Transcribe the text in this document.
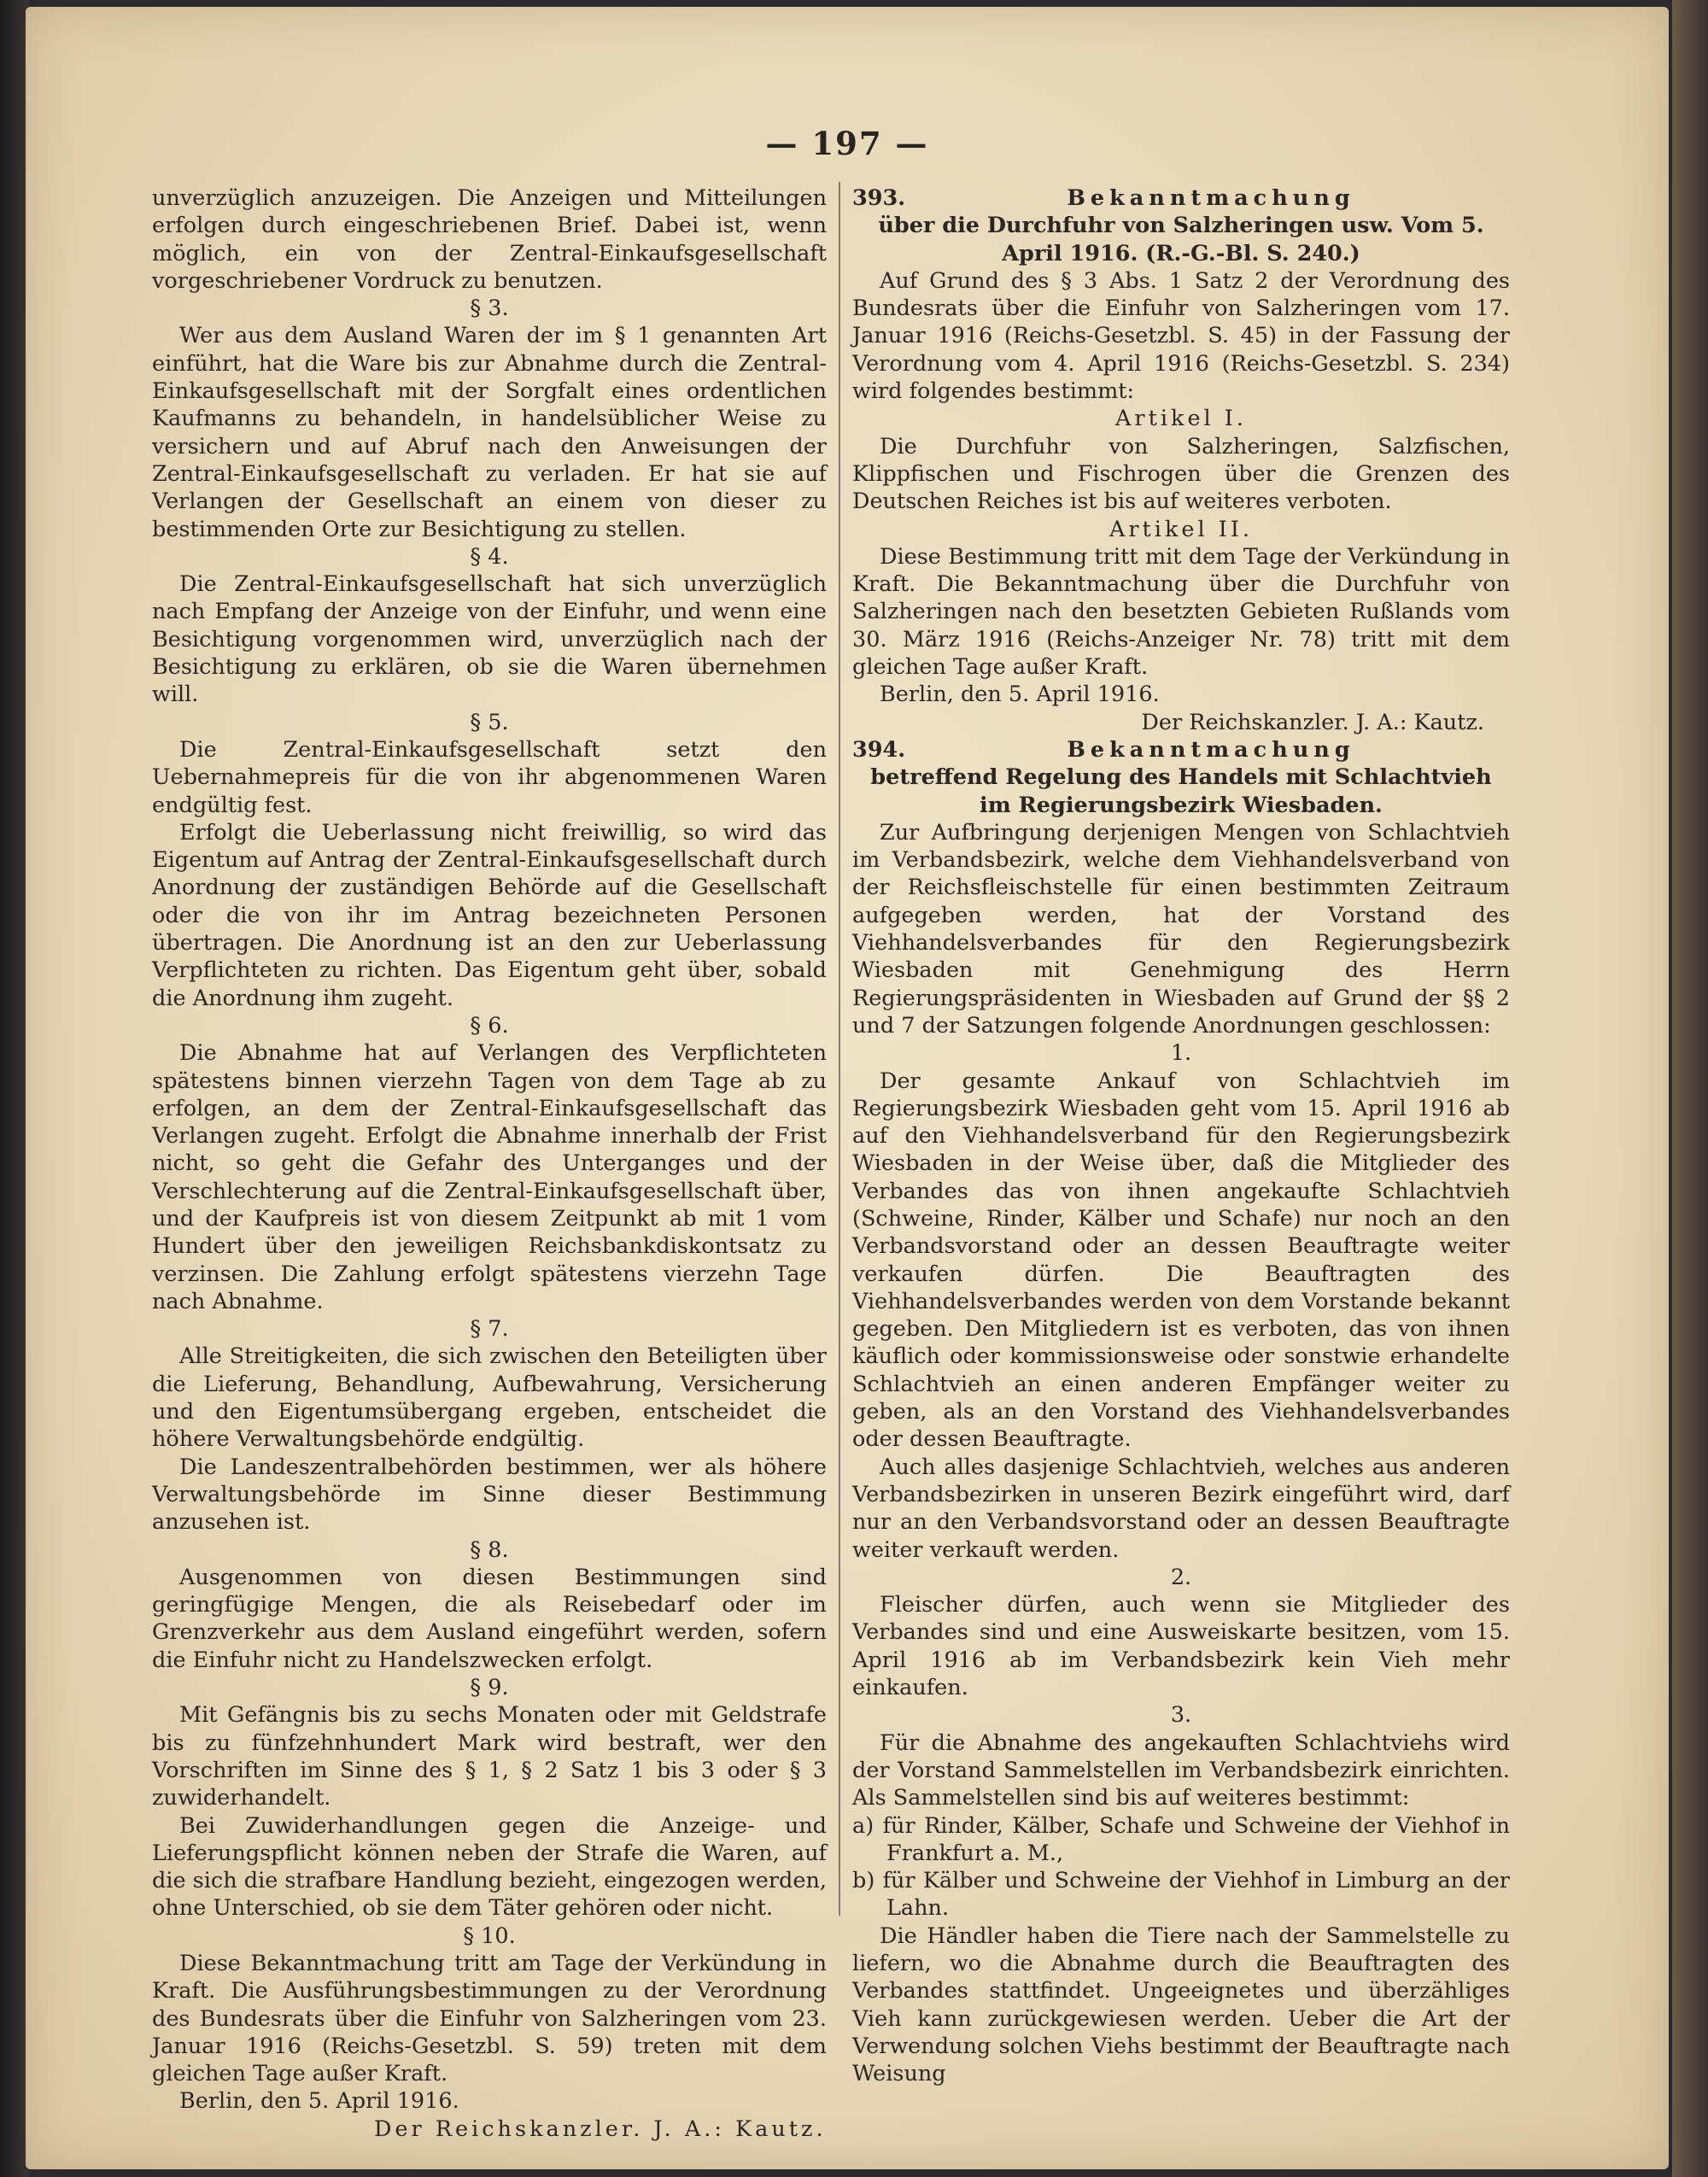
— 197 —

unverzüglich anzuzeigen. Die Anzeigen und Mitteilungen erfolgen durch eingeschriebenen Brief. Dabei ist, wenn möglich, ein von der Zentral-Einkaufsgesellschaft vorgeschriebener Vordruck zu benutzen.

§ 3.

Wer aus dem Ausland Waren der im § 1 genannten Art einführt, hat die Ware bis zur Abnahme durch die Zentral-Einkaufsgesellschaft mit der Sorgfalt eines ordentlichen Kaufmanns zu behandeln, in handelsüblicher Weise zu versichern und auf Abruf nach den Anweisungen der Zentral-Einkaufsgesellschaft zu verladen. Er hat sie auf Verlangen der Gesellschaft an einem von dieser zu bestimmenden Orte zur Besichtigung zu stellen.

§ 4.

Die Zentral-Einkaufsgesellschaft hat sich unverzüglich nach Empfang der Anzeige von der Einfuhr, und wenn eine Besichtigung vorgenommen wird, unverzüglich nach der Besichtigung zu erklären, ob sie die Waren übernehmen will.

§ 5.

Die Zentral-Einkaufsgesellschaft setzt den Uebernahmepreis für die von ihr abgenommenen Waren endgültig fest.

Erfolgt die Ueberlassung nicht freiwillig, so wird das Eigentum auf Antrag der Zentral-Einkaufsgesellschaft durch Anordnung der zuständigen Behörde auf die Gesellschaft oder die von ihr im Antrag bezeichneten Personen übertragen. Die Anordnung ist an den zur Ueberlassung Verpflichteten zu richten. Das Eigentum geht über, sobald die Anordnung ihm zugeht.

§ 6.

Die Abnahme hat auf Verlangen des Verpflichteten spätestens binnen vierzehn Tagen von dem Tage ab zu erfolgen, an dem der Zentral-Einkaufsgesellschaft das Verlangen zugeht. Erfolgt die Abnahme innerhalb der Frist nicht, so geht die Gefahr des Unterganges und der Verschlechterung auf die Zentral-Einkaufsgesellschaft über, und der Kaufpreis ist von diesem Zeitpunkt ab mit 1 vom Hundert über den jeweiligen Reichsbankdiskontsatz zu verzinsen. Die Zahlung erfolgt spätestens vierzehn Tage nach Abnahme.

§ 7.

Alle Streitigkeiten, die sich zwischen den Beteiligten über die Lieferung, Behandlung, Aufbewahrung, Versicherung und den Eigentumsübergang ergeben, entscheidet die höhere Verwaltungsbehörde endgültig.

Die Landeszentralbehörden bestimmen, wer als höhere Verwaltungsbehörde im Sinne dieser Bestimmung anzusehen ist.

§ 8.

Ausgenommen von diesen Bestimmungen sind geringfügige Mengen, die als Reisebedarf oder im Grenzverkehr aus dem Ausland eingeführt werden, sofern die Einfuhr nicht zu Handelszwecken erfolgt.

§ 9.

Mit Gefängnis bis zu sechs Monaten oder mit Geldstrafe bis zu fünfzehnhundert Mark wird bestraft, wer den Vorschriften im Sinne des § 1, § 2 Satz 1 bis 3 oder § 3 zuwiderhandelt.

Bei Zuwiderhandlungen gegen die Anzeige- und Lieferungspflicht können neben der Strafe die Waren, auf die sich die strafbare Handlung bezieht, eingezogen werden, ohne Unterschied, ob sie dem Täter gehören oder nicht.

§ 10.

Diese Bekanntmachung tritt am Tage der Verkündung in Kraft. Die Ausführungsbestimmungen zu der Verordnung des Bundesrats über die Einfuhr von Salzheringen vom 23. Januar 1916 (Reichs-Gesetzbl. S. 59) treten mit dem gleichen Tage außer Kraft.

Berlin, den 5. April 1916.

Der Reichskanzler. J. A.: Kautz.

393.	Bekanntmachung

über die Durchfuhr von Salzheringen usw. Vom 5. April 1916. (R.-G.-Bl. S. 240.)

Auf Grund des § 3 Abs. 1 Satz 2 der Verordnung des Bundesrats über die Einfuhr von Salzheringen vom 17. Januar 1916 (Reichs-Gesetzbl. S. 45) in der Fassung der Verordnung vom 4. April 1916 (Reichs-Gesetzbl. S. 234) wird folgendes bestimmt:

Artikel I.

Die Durchfuhr von Salzheringen, Salzfischen, Klippfischen und Fischrogen über die Grenzen des Deutschen Reiches ist bis auf weiteres verboten.

Artikel II.

Diese Bestimmung tritt mit dem Tage der Verkündung in Kraft. Die Bekanntmachung über die Durchfuhr von Salzheringen nach den besetzten Gebieten Rußlands vom 30. März 1916 (Reichs-Anzeiger Nr. 78) tritt mit dem gleichen Tage außer Kraft.

Berlin, den 5. April 1916.

Der Reichskanzler. J. A.: Kautz.

394.	Bekanntmachung

betreffend Regelung des Handels mit Schlachtvieh

im Regierungsbezirk Wiesbaden.

Zur Aufbringung derjenigen Mengen von Schlachtvieh im Verbandsbezirk, welche dem Viehhandelsverband von der Reichsfleischstelle für einen bestimmten Zeitraum aufgegeben werden, hat der Vorstand des Viehhandelsverbandes für den Regierungsbezirk Wiesbaden mit Genehmigung des Herrn Regierungspräsidenten in Wiesbaden auf Grund der §§ 2 und 7 der Satzungen folgende Anordnungen geschlossen:

1.

Der gesamte Ankauf von Schlachtvieh im Regierungsbezirk Wiesbaden geht vom 15. April 1916 ab auf den Viehhandelsverband für den Regierungsbezirk Wiesbaden in der Weise über, daß die Mitglieder des Verbandes das von ihnen angekaufte Schlachtvieh (Schweine, Rinder, Kälber und Schafe) nur noch an den Verbandsvorstand oder an dessen Beauftragte weiter verkaufen dürfen. Die Beauftragten des Viehhandelsverbandes werden von dem Vorstande bekannt gegeben. Den Mitgliedern ist es verboten, das von ihnen käuflich oder kommissionsweise oder sonstwie erhandelte Schlachtvieh an einen anderen Empfänger weiter zu geben, als an den Vorstand des Viehhandelsverbandes oder dessen Beauftragte.

Auch alles dasjenige Schlachtvieh, welches aus anderen Verbandsbezirken in unseren Bezirk eingeführt wird, darf nur an den Verbandsvorstand oder an dessen Beauftragte weiter verkauft werden.

2.

Fleischer dürfen, auch wenn sie Mitglieder des Verbandes sind und eine Ausweiskarte besitzen, vom 15. April 1916 ab im Verbandsbezirk kein Vieh mehr einkaufen.

3.

Für die Abnahme des angekauften Schlachtviehs wird der Vorstand Sammelstellen im Verbandsbezirk einrichten. Als Sammelstellen sind bis auf weiteres bestimmt:

a) für Rinder, Kälber, Schafe und Schweine der Viehhof in Frankfurt a. M.,

b) für Kälber und Schweine der Viehhof in Limburg an der Lahn.

Die Händler haben die Tiere nach der Sammelstelle zu liefern, wo die Abnahme durch die Beauftragten des Verbandes stattfindet. Ungeeignetes und überzähliges Vieh kann zurückgewiesen werden. Ueber die Art der Verwendung solchen Viehs bestimmt der Beauftragte nach Weisung
